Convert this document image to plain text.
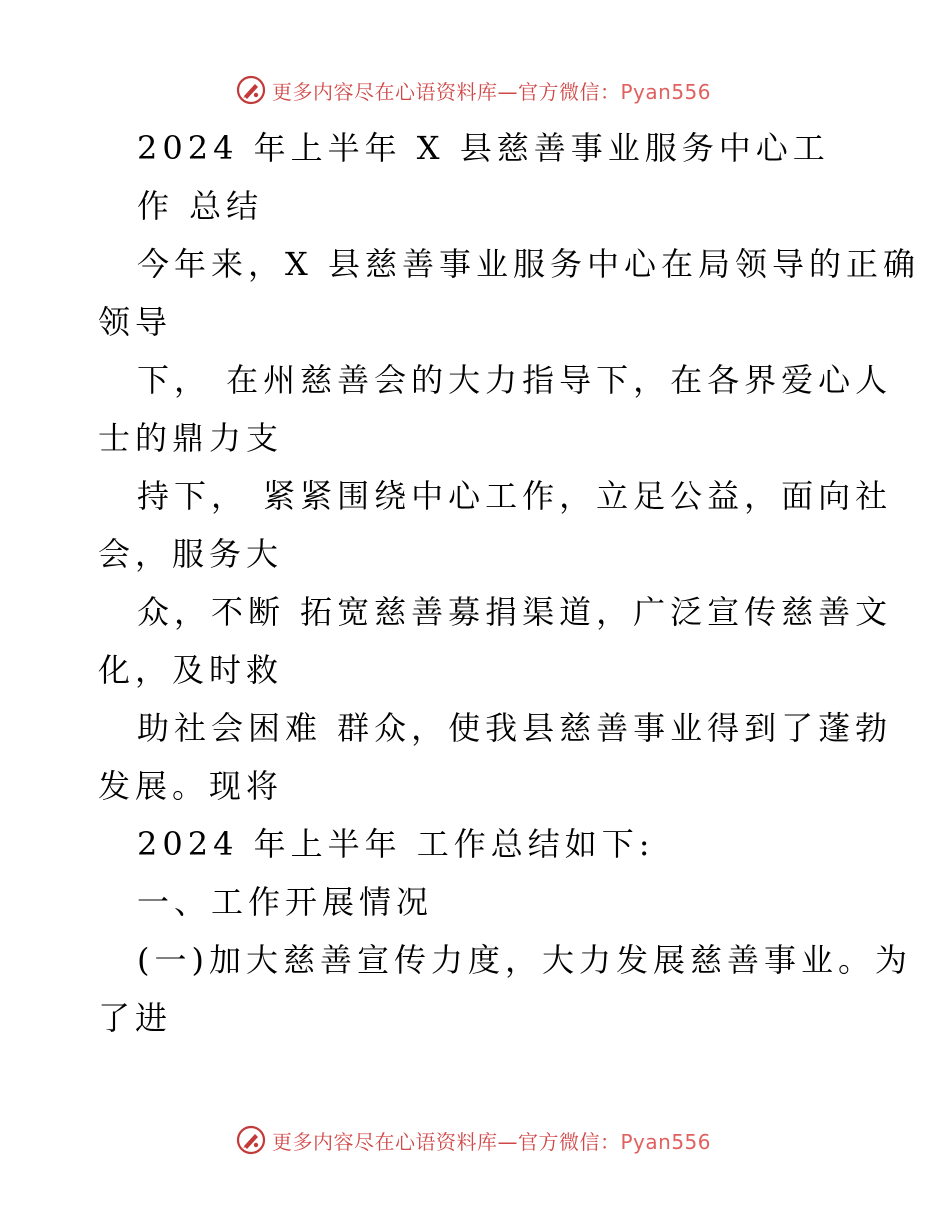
更多内容尽在心语资料库—官方微信：Pyan556
2024 年上半年 X 县慈善事业服务中心工
作 总结
今年来，X 县慈善事业服务中心在局领导的正确
领导
下， 在州慈善会的大力指导下，在各界爱心人
士的鼎力支
持下， 紧紧围绕中心工作，立足公益，面向社
会，服务大
众，不断 拓宽慈善募捐渠道，广泛宣传慈善文
化，及时救
助社会困难 群众，使我县慈善事业得到了蓬勃
发展。现将
2024 年上半年 工作总结如下:
一、工作开展情况
(一)加大慈善宣传力度，大力发展慈善事业。为
了进
更多内容尽在心语资料库—官方微信：Pyan556
